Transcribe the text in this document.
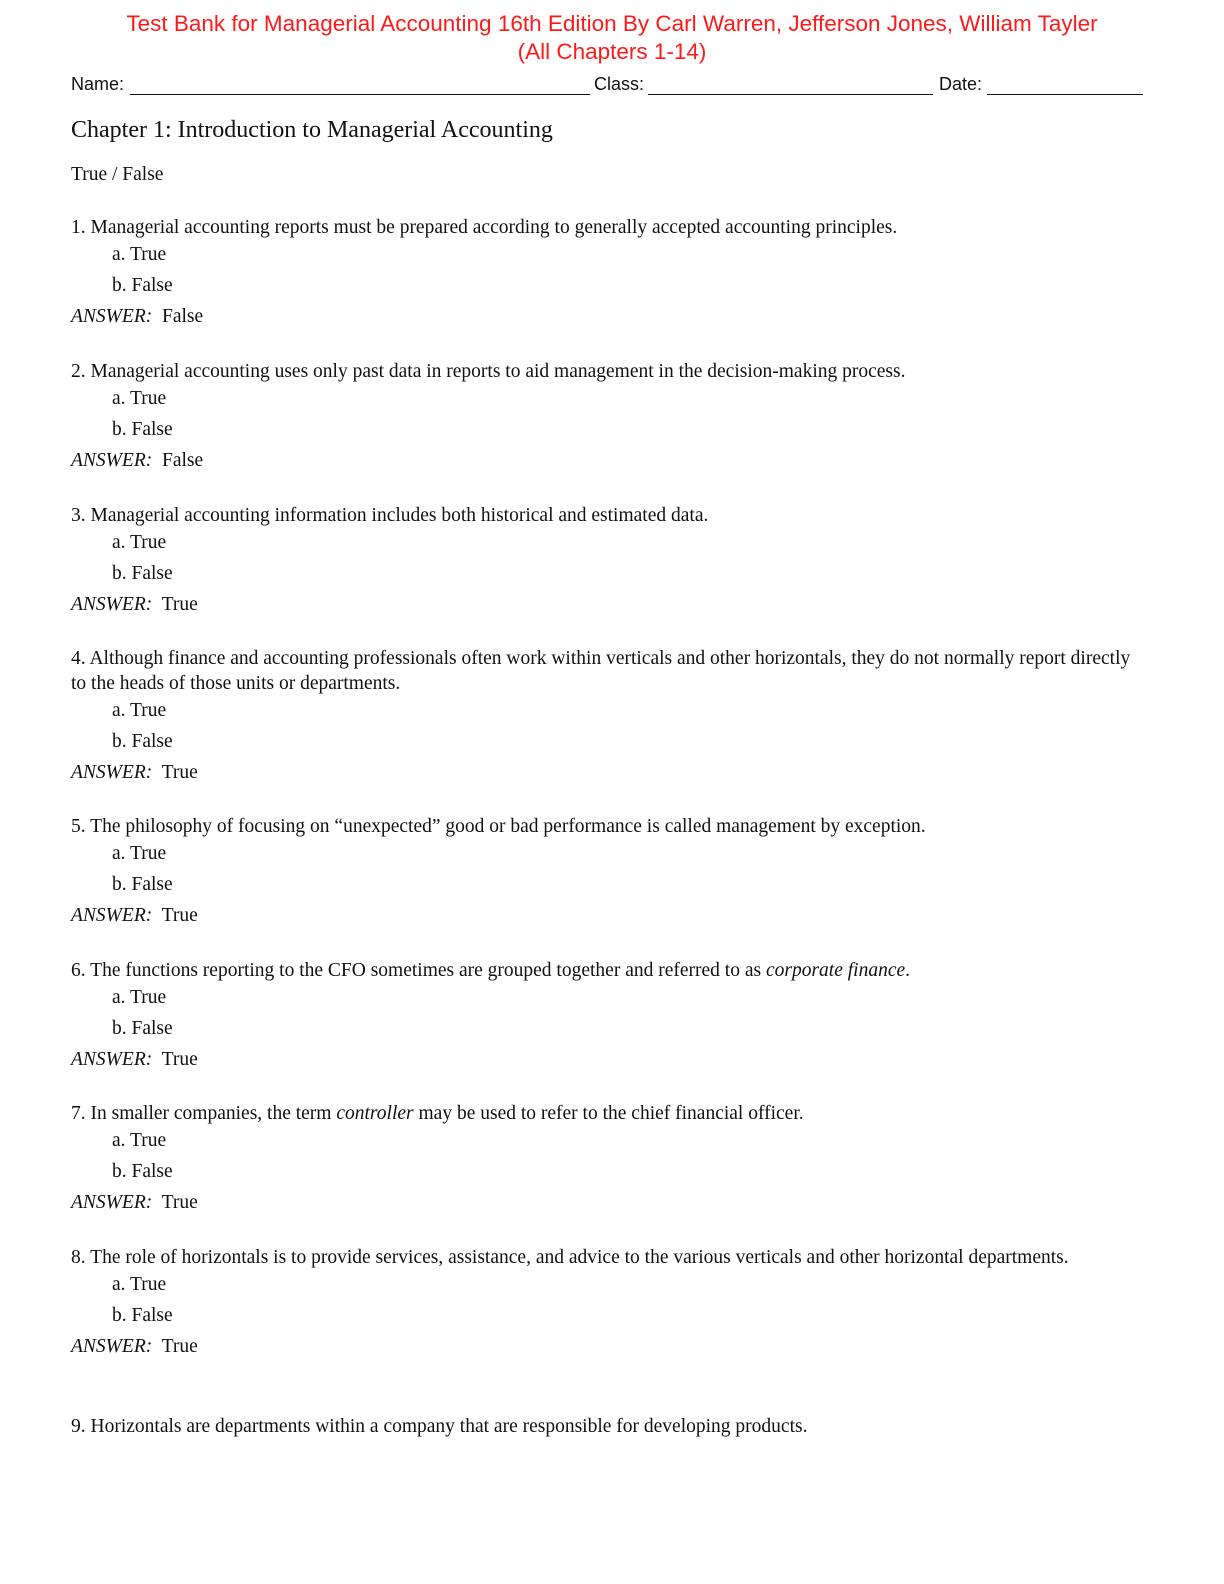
Test Bank for Managerial Accounting 16th Edition By Carl Warren, Jefferson Jones, William Tayler
(All Chapters 1-14)
Name:	Class:	Date:
Chapter 1: Introduction to Managerial Accounting
True / False
1. Managerial accounting reports must be prepared according to generally accepted accounting principles.
a. True
b. False
ANSWER: False
2. Managerial accounting uses only past data in reports to aid management in the decision-making process.
a. True
b. False
ANSWER: False
3. Managerial accounting information includes both historical and estimated data.
a. True
b. False
ANSWER: True
4. Although finance and accounting professionals often work within verticals and other horizontals, they do not normally report directly to the heads of those units or departments.
a. True
b. False
ANSWER: True
5. The philosophy of focusing on “unexpected” good or bad performance is called management by exception.
a. True
b. False
ANSWER: True
6. The functions reporting to the CFO sometimes are grouped together and referred to as corporate finance.
a. True
b. False
ANSWER: True
7. In smaller companies, the term controller may be used to refer to the chief financial officer.
a. True
b. False
ANSWER: True
8. The role of horizontals is to provide services, assistance, and advice to the various verticals and other horizontal departments.
a. True
b. False
ANSWER: True
9. Horizontals are departments within a company that are responsible for developing products.
